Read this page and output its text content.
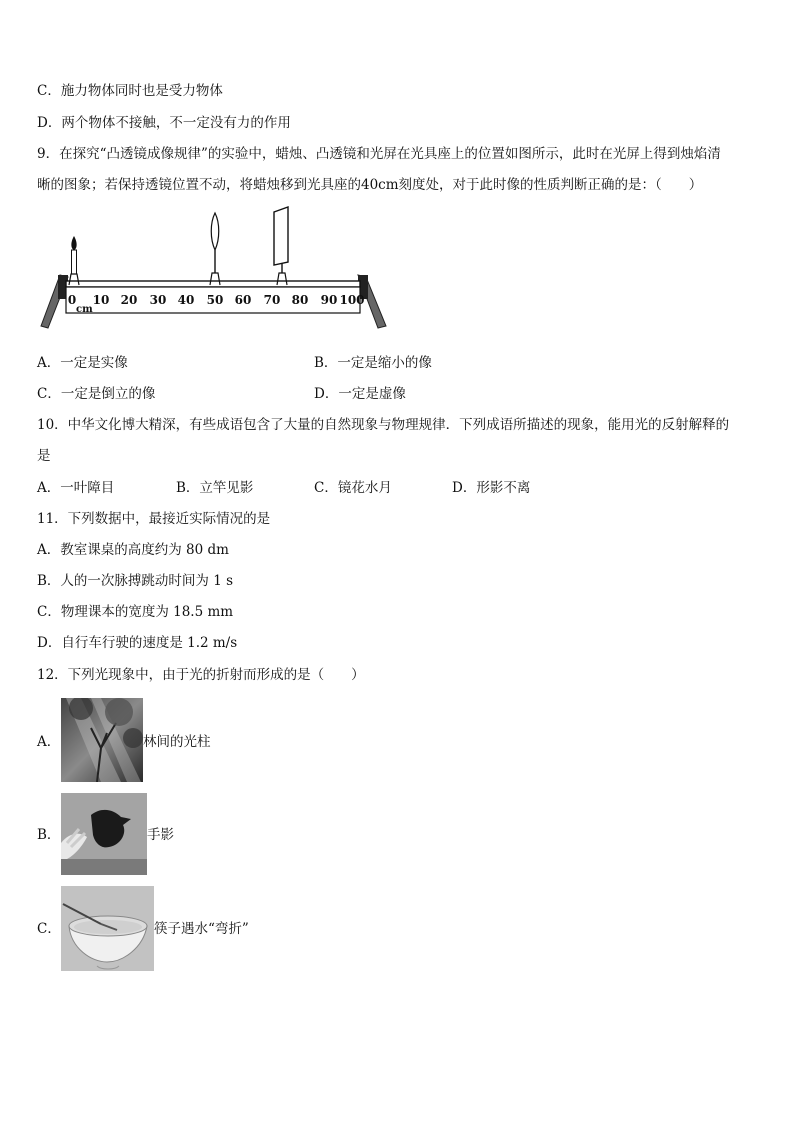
C．施力物体同时也是受力物体
D．两个物体不接触，不一定没有力的作用
9．在探究“凸透镜成像规律”的实验中，蜡烛、凸透镜和光屏在光具座上的位置如图所示，此时在光屏上得到烛焰清
晰的图象；若保持透镜位置不动，将蜡烛移到光具座的40cm刻度处，对于此时像的性质判断正确的是：（　　）
0 10 20 30 40 50 60 70 80 90 100
cm
A．一定是实像	B．一定是缩小的像
C．一定是倒立的像	D．一定是虚像
10．中华文化博大精深，有些成语包含了大量的自然现象与物理规律．下列成语所描述的现象，能用光的反射解释的
是
A．一叶障目	B．立竿见影	C．镜花水月	D．形影不离
11．下列数据中，最接近实际情况的是
A．教室课桌的高度约为 80 dm
B．人的一次脉搏跳动时间为 1 s
C．物理课本的宽度为 18.5 mm
D．自行车行驶的速度是 1.2 m/s
12．下列光现象中，由于光的折射而形成的是（　　）
A．	林间的光柱
B．	手影
C．	筷子遇水“弯折”
